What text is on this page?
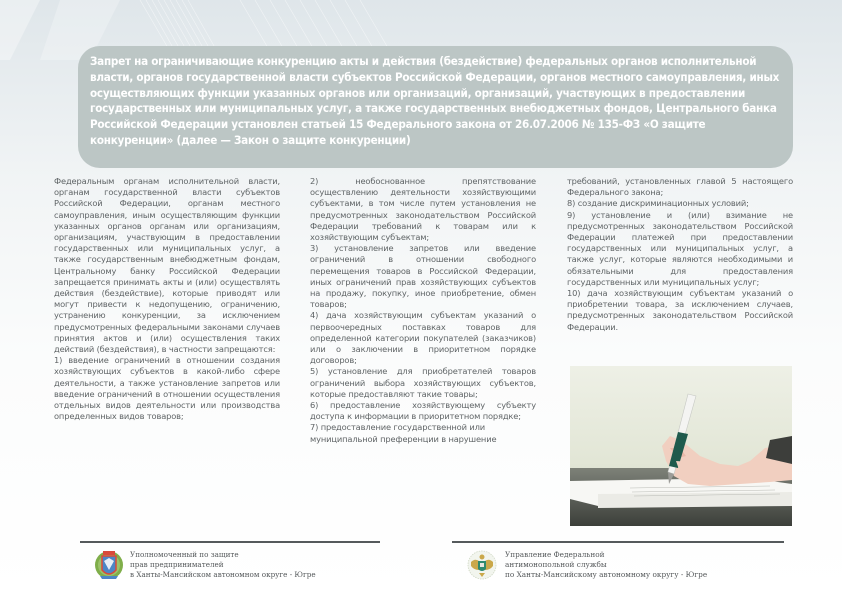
Запрет на ограничивающие конкуренцию акты и действия (бездействие) федеральных органов исполнительной власти, органов государственной власти субъектов Российской Федерации, органов местного самоуправления, иных осуществляющих функции указанных органов или организаций, организаций, участвующих в предоставлении государственных или муниципальных услуг, а также государственных внебюджетных фондов, Центрального банка Российской Федерации установлен статьей 15 Федерального закона от 26.07.2006 № 135-ФЗ «О защите конкуренции» (далее — Закон о защите конкуренции)

Федеральным органам исполнительной власти, органам государственной власти субъектов Российской Федерации, органам местного самоуправления, иным осуществляющим функции указанных органов органам или организациям, организациям, участвующим в предоставлении государственных или муниципальных услуг, а также государственным внебюджетным фондам, Центральному банку Российской Федерации запрещается принимать акты и (или) осуществлять действия (бездействие), которые приводят или могут привести к недопущению, ограничению, устранению конкуренции, за исключением предусмотренных федеральными законами случаев принятия актов и (или) осуществления таких действий (бездействия), в частности запрещаются:

1) введение ограничений в отношении создания хозяйствующих субъектов в какой-либо сфере деятельности, а также установление запретов или введение ограничений в отношении осуществления отдельных видов деятельности или производства определенных видов товаров;

2) необоснованное препятствование осуществлению деятельности хозяйствующими субъектами, в том числе путем установления не предусмотренных законодательством Российской Федерации требований к товарам или к хозяйствующим субъектам;

3) установление запретов или введение ограничений в отношении свободного перемещения товаров в Российской Федерации, иных ограничений прав хозяйствующих субъектов на продажу, покупку, иное приобретение, обмен товаров;

4) дача хозяйствующим субъектам указаний о первоочередных поставках товаров для определенной категории покупателей (заказчиков) или о заключении в приоритетном порядке договоров;

5) установление для приобретателей товаров ограничений выбора хозяйствующих субъектов, которые предоставляют такие товары;

6) предоставление хозяйствующему субъекту доступа к информации в приоритетном порядке;

7) предоставление государственной или муниципальной преференции в нарушение

требований, установленных главой 5 настоящего Федерального закона;

8) создание дискриминационных условий;

9) установление и (или) взимание не предусмотренных законодательством Российской Федерации платежей при предоставлении государственных или муниципальных услуг, а также услуг, которые являются необходимыми и обязательными для предоставления государственных или муниципальных услуг;

10) дача хозяйствующим субъектам указаний о приобретении товара, за исключением случаев, предусмотренных законодательством Российской Федерации.

Уполномоченный по защите
прав предпринимателей
в Ханты-Мансийском автономном округе - Югре
Управление Федеральной
антимонопольной службы
по Ханты-Мансийскому автономному округу - Югре
